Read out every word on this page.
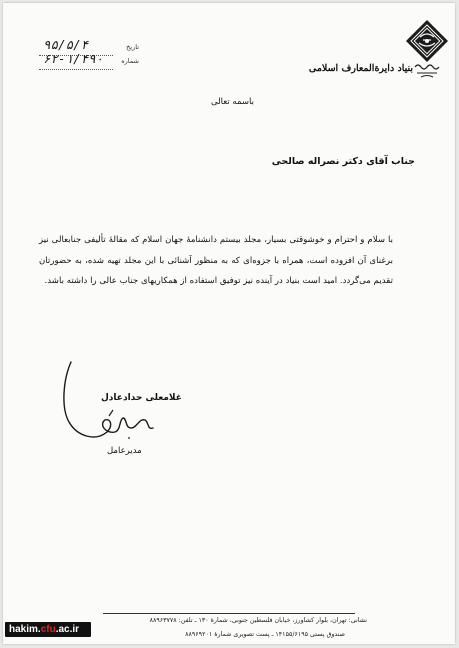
بنیاد دایرة‌المعارف اسلامی
تاریخ
۹۵/۵/۴
شماره
۶۲-۱/۴۹۰
باسمه تعالی
جناب آقای دکتر نصراله صالحی
با سلام و احترام و خوشوقتی بسیار، مجلد بیستم دانشنامهٔ جهان اسلام که مقالهٔ تألیفی جنابعالی نیز برغنای آن افزوده است، همراه با جزوه‌ای که به منظور آشنائی با این مجلد تهیه شده، به حضورتان تقدیم می‌گردد. امید است بنیاد در آینده نیز توفیق استفاده از همکاریهای جناب عالی را داشته باشد.
غلامعلی حدادعادل
مدیرعامل
نشانی: تهران، بلوار کشاورز، خیابان فلسطین جنوبی، شمارهٔ ۱۳۰ ـ تلفن: ۸۸۹۶۳۷۷۸
صندوق پستی ۱۴۱۵۵/۶۱۹۵ ـ پست تصویری شمارهٔ ۸۸۹۶۹۲۰۱
hakim.cfu.ac.ir
